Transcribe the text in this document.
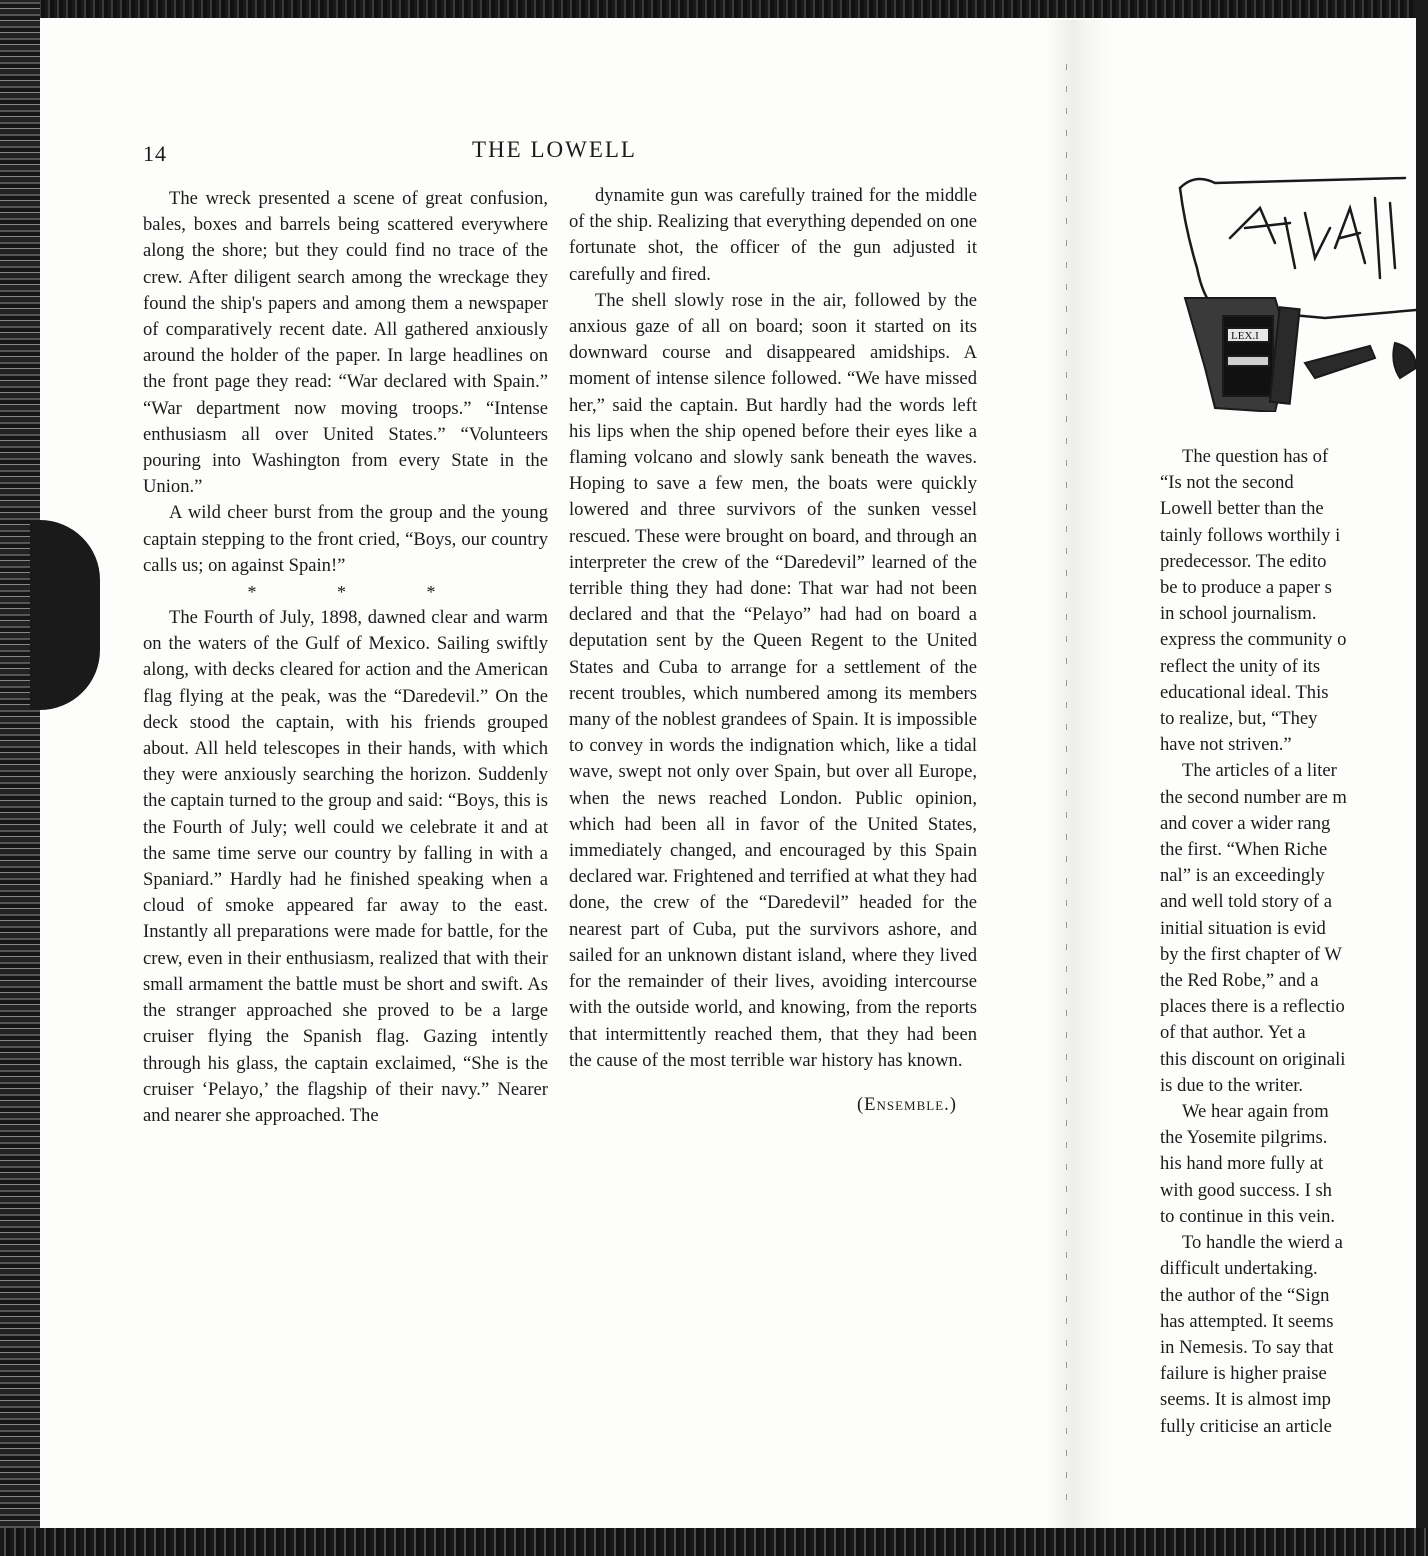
14	THE LOWELL

The wreck presented a scene of great confusion, bales, boxes and barrels being scattered everywhere along the shore; but they could find no trace of the crew. After diligent search among the wreckage they found the ship's papers and among them a newspaper of comparatively recent date. All gathered anxiously around the holder of the paper. In large headlines on the front page they read: “War declared with Spain.” “War department now moving troops.” “Intense enthusiasm all over United States.” “Volunteers pouring into Washington from every State in the Union.”

A wild cheer burst from the group and the young captain stepping to the front cried, “Boys, our country calls us; on against Spain!”

* * *

The Fourth of July, 1898, dawned clear and warm on the waters of the Gulf of Mexico. Sailing swiftly along, with decks cleared for action and the American flag flying at the peak, was the “Daredevil.” On the deck stood the captain, with his friends grouped about. All held telescopes in their hands, with which they were anxiously searching the horizon. Suddenly the captain turned to the group and said: “Boys, this is the Fourth of July; well could we celebrate it and at the same time serve our country by falling in with a Spaniard.” Hardly had he finished speaking when a cloud of smoke appeared far away to the east. Instantly all preparations were made for battle, for the crew, even in their enthusiasm, realized that with their small armament the battle must be short and swift. As the stranger approached she proved to be a large cruiser flying the Spanish flag. Gazing intently through his glass, the captain exclaimed, “She is the cruiser ‘Pelayo,’ the flagship of their navy.” Nearer and nearer she approached. The

dynamite gun was carefully trained for the middle of the ship. Realizing that everything depended on one fortunate shot, the officer of the gun adjusted it carefully and fired.

The shell slowly rose in the air, followed by the anxious gaze of all on board; soon it started on its downward course and disappeared amidships. A moment of intense silence followed. “We have missed her,” said the captain. But hardly had the words left his lips when the ship opened before their eyes like a flaming volcano and slowly sank beneath the waves. Hoping to save a few men, the boats were quickly lowered and three survivors of the sunken vessel rescued. These were brought on board, and through an interpreter the crew of the “Daredevil” learned of the terrible thing they had done: That war had not been declared and that the “Pelayo” had had on board a deputation sent by the Queen Regent to the United States and Cuba to arrange for a settlement of the recent troubles, which numbered among its members many of the noblest grandees of Spain. It is impossible to convey in words the indignation which, like a tidal wave, swept not only over Spain, but over all Europe, when the news reached London. Public opinion, which had been all in favor of the United States, immediately changed, and encouraged by this Spain declared war. Frightened and terrified at what they had done, the crew of the “Daredevil” headed for the nearest part of Cuba, put the survivors ashore, and sailed for an unknown distant island, where they lived for the remainder of their lives, avoiding intercourse with the outside world, and knowing, from the reports that intermittently reached them, that they had been the cause of the most terrible war history has known.

(Ensemble.)
LEX.I
The question has of
“Is not the second
Lowell better than the
tainly follows worthily i
predecessor. The edito
be to produce a paper s
in school journalism.
express the community o
reflect the unity of its
educational ideal. This
to realize, but, “They
have not striven.”
The articles of a liter
the second number are m
and cover a wider rang
the first. “When Riche
nal” is an exceedingly
and well told story of a
initial situation is evid
by the first chapter of W
the Red Robe,” and a
places there is a reflectio
of that author. Yet a
this discount on originali
is due to the writer.
We hear again from
the Yosemite pilgrims.
his hand more fully at
with good success. I sh
to continue in this vein.
To handle the wierd a
difficult undertaking.
the author of the “Sign
has attempted. It seems
in Nemesis. To say that
failure is higher praise
seems. It is almost imp
fully criticise an article
